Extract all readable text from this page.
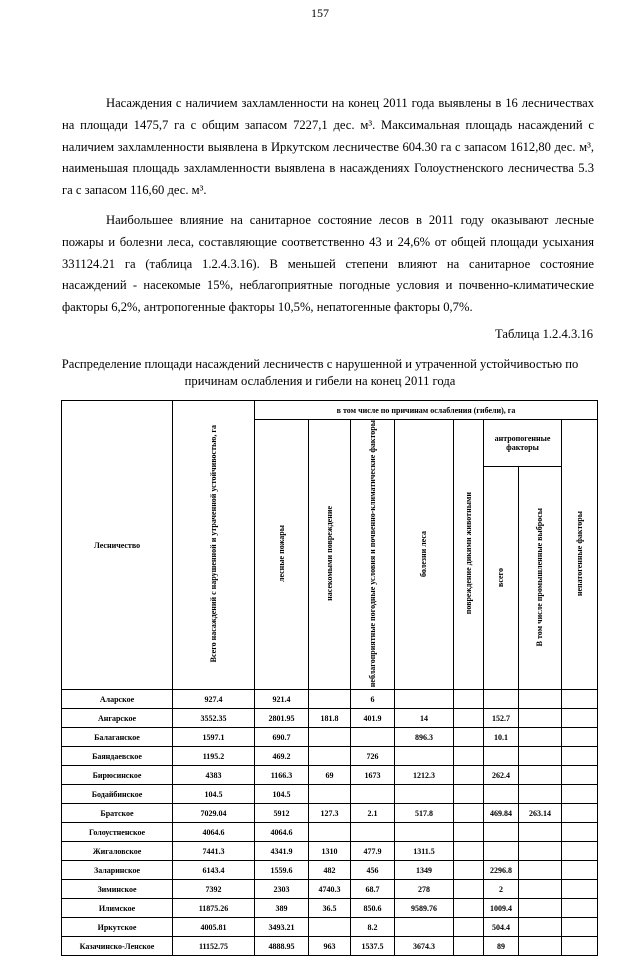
157

Насаждения с наличием захламленности на конец 2011 года выявлены в 16 лесничествах на площади 1475,7 га с общим запасом 7227,1 дес. м³. Максимальная площадь насаждений с наличием захламленности выявлена в Иркутском лесничестве 604.30 га с запасом 1612,80 дес. м³, наименьшая площадь захламленности выявлена в насаждениях Голоустненского лесничества 5.3 га с запасом 116,60 дес. м³.

Наибольшее влияние на санитарное состояние лесов в 2011 году оказывают лесные пожары и болезни леса, составляющие соответственно 43 и 24,6% от общей площади усыхания 331124.21 га (таблица 1.2.4.3.16). В меньшей степени влияют на санитарное состояние насаждений - насекомые 15%, неблагоприятные погодные условия и почвенно-климатические факторы 6,2%, антропогенные факторы 10,5%, непатогенные факторы 0,7%.

Таблица 1.2.4.3.16

Распределение площади насаждений лесничеств с нарушенной и утраченной устойчивостью по причинам ослабления и гибели на конец 2011 года

Лесничество	Всего насаждений с нарушенной и утраченной устойчивостью, га	в том числе по причинам ослабления (гибели), га							
		лесные пожары	насекомыми повреждение	неблагоприятные погодные условия и почвенно-климатические факторы	болезни леса	повреждение дикими животными	антропогенные факторы		непатогенные факторы
							всего	В том числе промышленные выбросы	
Аларское	927.4	921.4		6					
Ангарское	3552.35	2801.95	181.8	401.9	14		152.7		
Балаганское	1597.1	690.7			896.3		10.1		
Баяндаевское	1195.2	469.2		726					
Бирюсинское	4383	1166.3	69	1673	1212.3		262.4		
Бодайбинское	104.5	104.5							
Братское	7029.04	5912	127.3	2.1	517.8		469.84	263.14	
Голоустненское	4064.6	4064.6							
Жигаловское	7441.3	4341.9	1310	477.9	1311.5				
Заларинское	6143.4	1559.6	482	456	1349		2296.8		
Зиминское	7392	2303	4740.3	68.7	278		2		
Илимское	11875.26	389	36.5	850.6	9589.76		1009.4		
Иркутское	4005.81	3493.21		8.2			504.4		
Казачинско-Ленское	11152.75	4888.95	963	1537.5	3674.3		89		
